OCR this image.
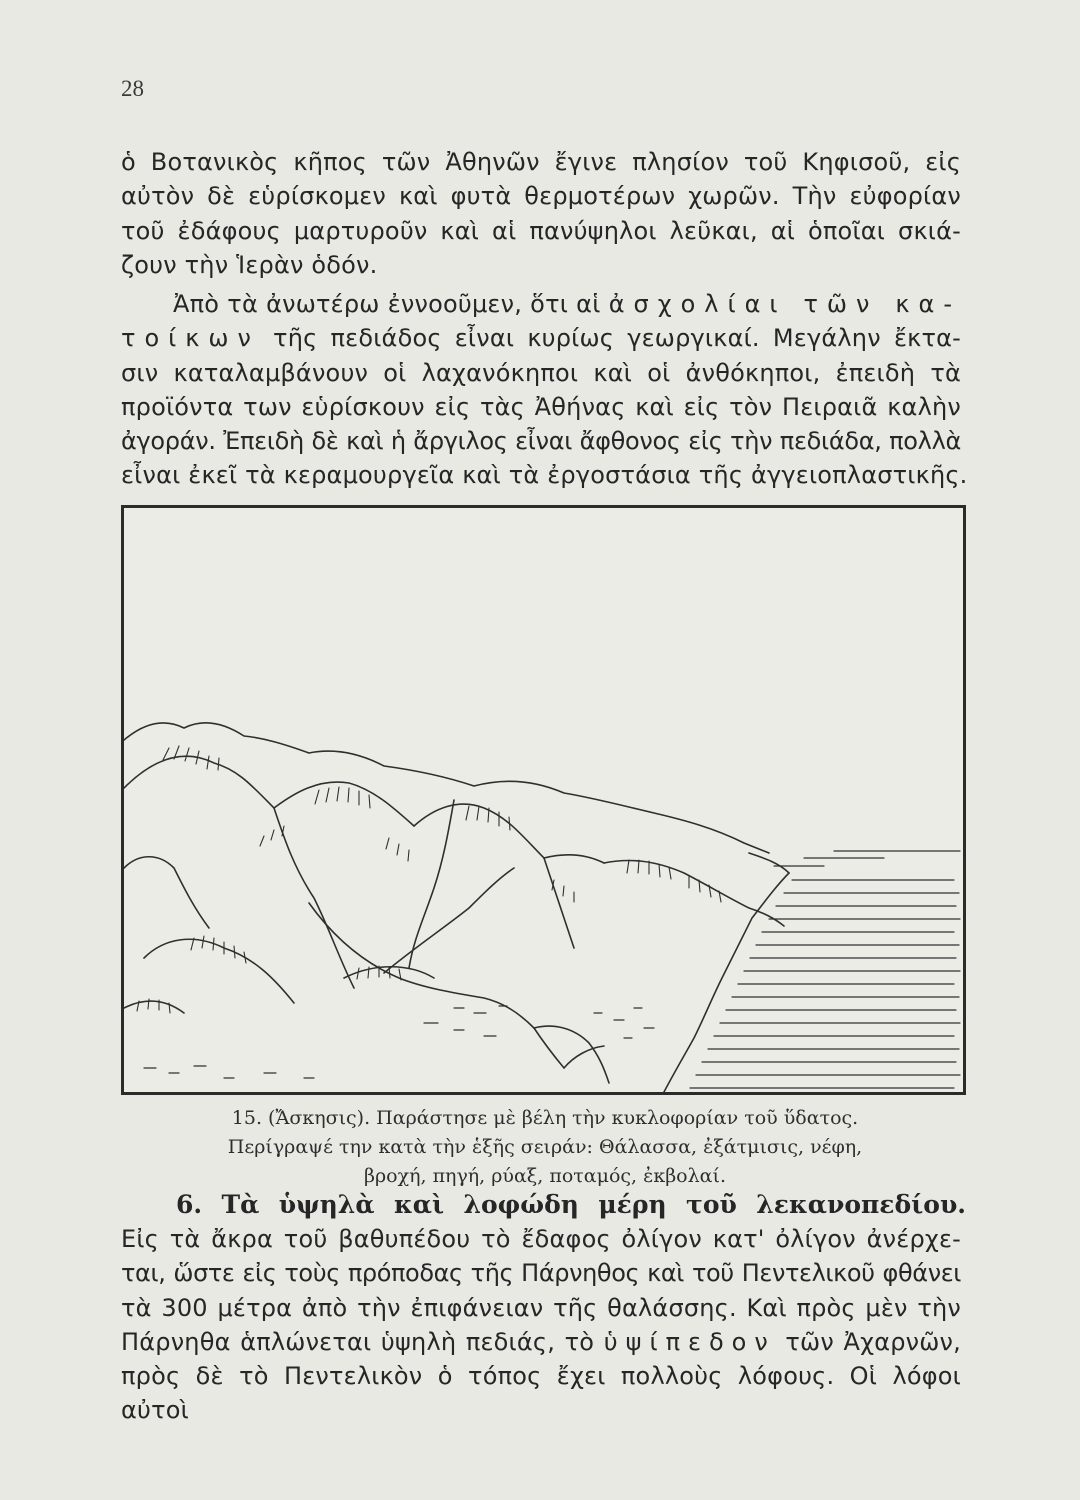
28

ὁ Βοτανικὸς κῆπος τῶν Ἀθηνῶν ἔγινε πλησίον τοῦ Κηφισοῦ, εἰς
αὐτὸν δὲ εὑρίσκομεν καὶ φυτὰ θερμοτέρων χωρῶν. Τὴν εὐφορίαν
τοῦ ἐδάφους μαρτυροῦν καὶ αἱ πανύψηλοι λεῦκαι, αἱ ὁποῖαι σκιά-
ζουν τὴν Ἱερὰν ὁδόν.

Ἀπὸ τὰ ἀνωτέρω ἐννοοῦμεν, ὅτι αἱ ἀσχολίαι τῶν κα-
τοίκων τῆς πεδιάδος εἶναι κυρίως γεωργικαί. Μεγάλην ἔκτα-
σιν καταλαμβάνουν οἱ λαχανόκηποι καὶ οἱ ἀνθόκηποι, ἐπειδὴ τὰ
προϊόντα των εὑρίσκουν εἰς τὰς Ἀθήνας καὶ εἰς τὸν Πειραιᾶ καλὴν
ἀγοράν. Ἐπειδὴ δὲ καὶ ἡ ἄργιλος εἶναι ἄφθονος εἰς τὴν πεδιάδα, πολλὰ
εἶναι ἐκεῖ τὰ κεραμουργεῖα καὶ τὰ ἐργοστάσια τῆς ἀγγειοπλαστικῆς.

15. (Ἄσκησις). Παράστησε μὲ βέλη τὴν κυκλοφορίαν τοῦ ὕδατος.
Περίγραψέ την κατὰ τὴν ἑξῆς σειράν: Θάλασσα, ἐξάτμισις, νέφη,
βροχή, πηγή, ρύαξ, ποταμός, ἐκβολαί.
6. Τὰ ὑψηλὰ καὶ λοφώδη μέρη τοῦ λεκανοπεδίου.

Εἰς τὰ ἄκρα τοῦ βαθυπέδου τὸ ἔδαφος ὀλίγον κατ' ὀλίγον ἀνέρχε-
ται, ὥστε εἰς τοὺς πρόποδας τῆς Πάρνηθος καὶ τοῦ Πεντελικοῦ φθάνει
τὰ 300 μέτρα ἀπὸ τὴν ἐπιφάνειαν τῆς θαλάσσης. Καὶ πρὸς μὲν τὴν
Πάρνηθα ἁπλώνεται ὑψηλὴ πεδιάς, τὸ ὑψίπεδον τῶν Ἀχαρνῶν,
πρὸς δὲ τὸ Πεντελικὸν ὁ τόπος ἔχει πολλοὺς λόφους. Οἱ λόφοι αὐτοὶ
